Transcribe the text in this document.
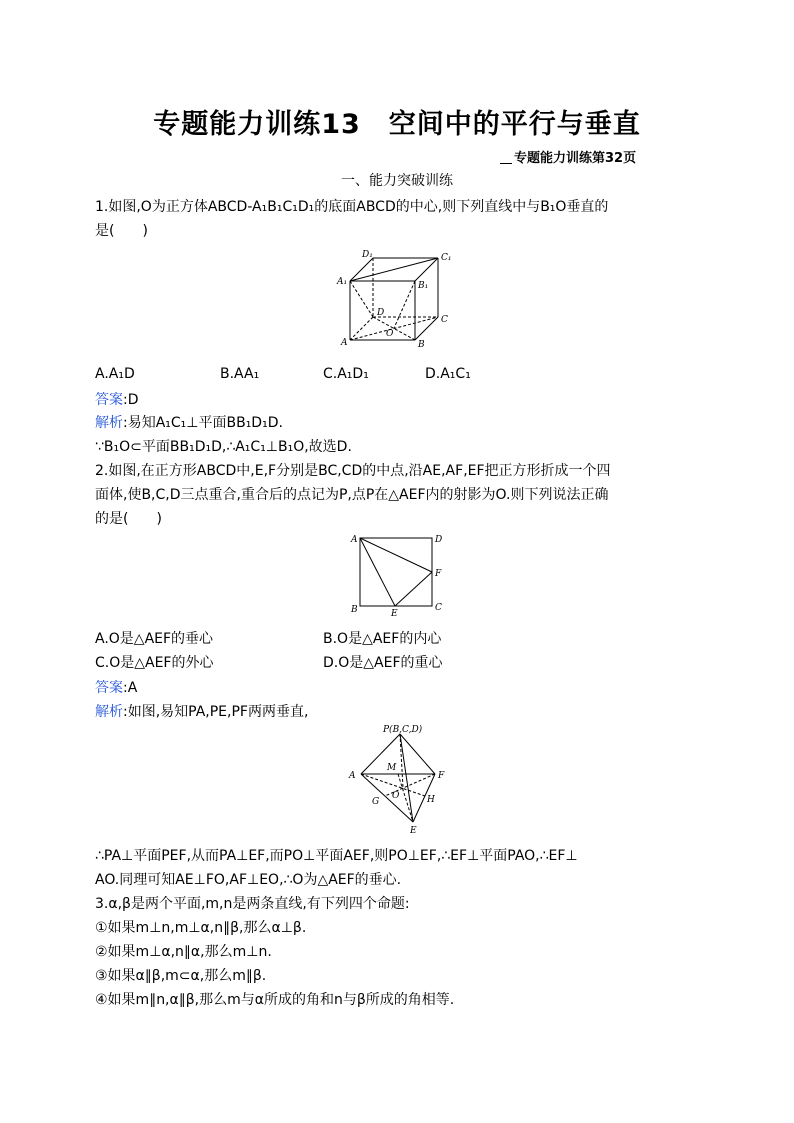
专题能力训练13　空间中的平行与垂直
专题能力训练第32页
一、能力突破训练
1.如图,O为正方体ABCD-A₁B₁C₁D₁的底面ABCD的中心,则下列直线中与B₁O垂直的
是(　　)
D₁	C₁
A₁	B₁
D
C
O
A	B
A.A₁D	B.AA₁	C.A₁D₁	D.A₁C₁
答案:D
解析:易知A₁C₁⊥平面BB₁D₁D.
∵B₁O⊂平面BB₁D₁D,∴A₁C₁⊥B₁O,故选D.
2.如图,在正方形ABCD中,E,F分别是BC,CD的中点,沿AE,AF,EF把正方形折成一个四
面体,使B,C,D三点重合,重合后的点记为P,点P在△AEF内的射影为O.则下列说法正确
的是(　　)
A	D
F
B	E
C
A.O是△AEF的垂心	B.O是△AEF的内心
C.O是△AEF的外心	D.O是△AEF的重心
答案:A
解析:如图,易知PA,PE,PF两两垂直,
P(B,C,D)
A	F
M
O
G	H
E
∴PA⊥平面PEF,从而PA⊥EF,而PO⊥平面AEF,则PO⊥EF,∴EF⊥平面PAO,∴EF⊥
AO.同理可知AE⊥FO,AF⊥EO,∴O为△AEF的垂心.
3.α,β是两个平面,m,n是两条直线,有下列四个命题:
①如果m⊥n,m⊥α,n∥β,那么α⊥β.
②如果m⊥α,n∥α,那么m⊥n.
③如果α∥β,m⊂α,那么m∥β.
④如果m∥n,α∥β,那么m与α所成的角和n与β所成的角相等.
